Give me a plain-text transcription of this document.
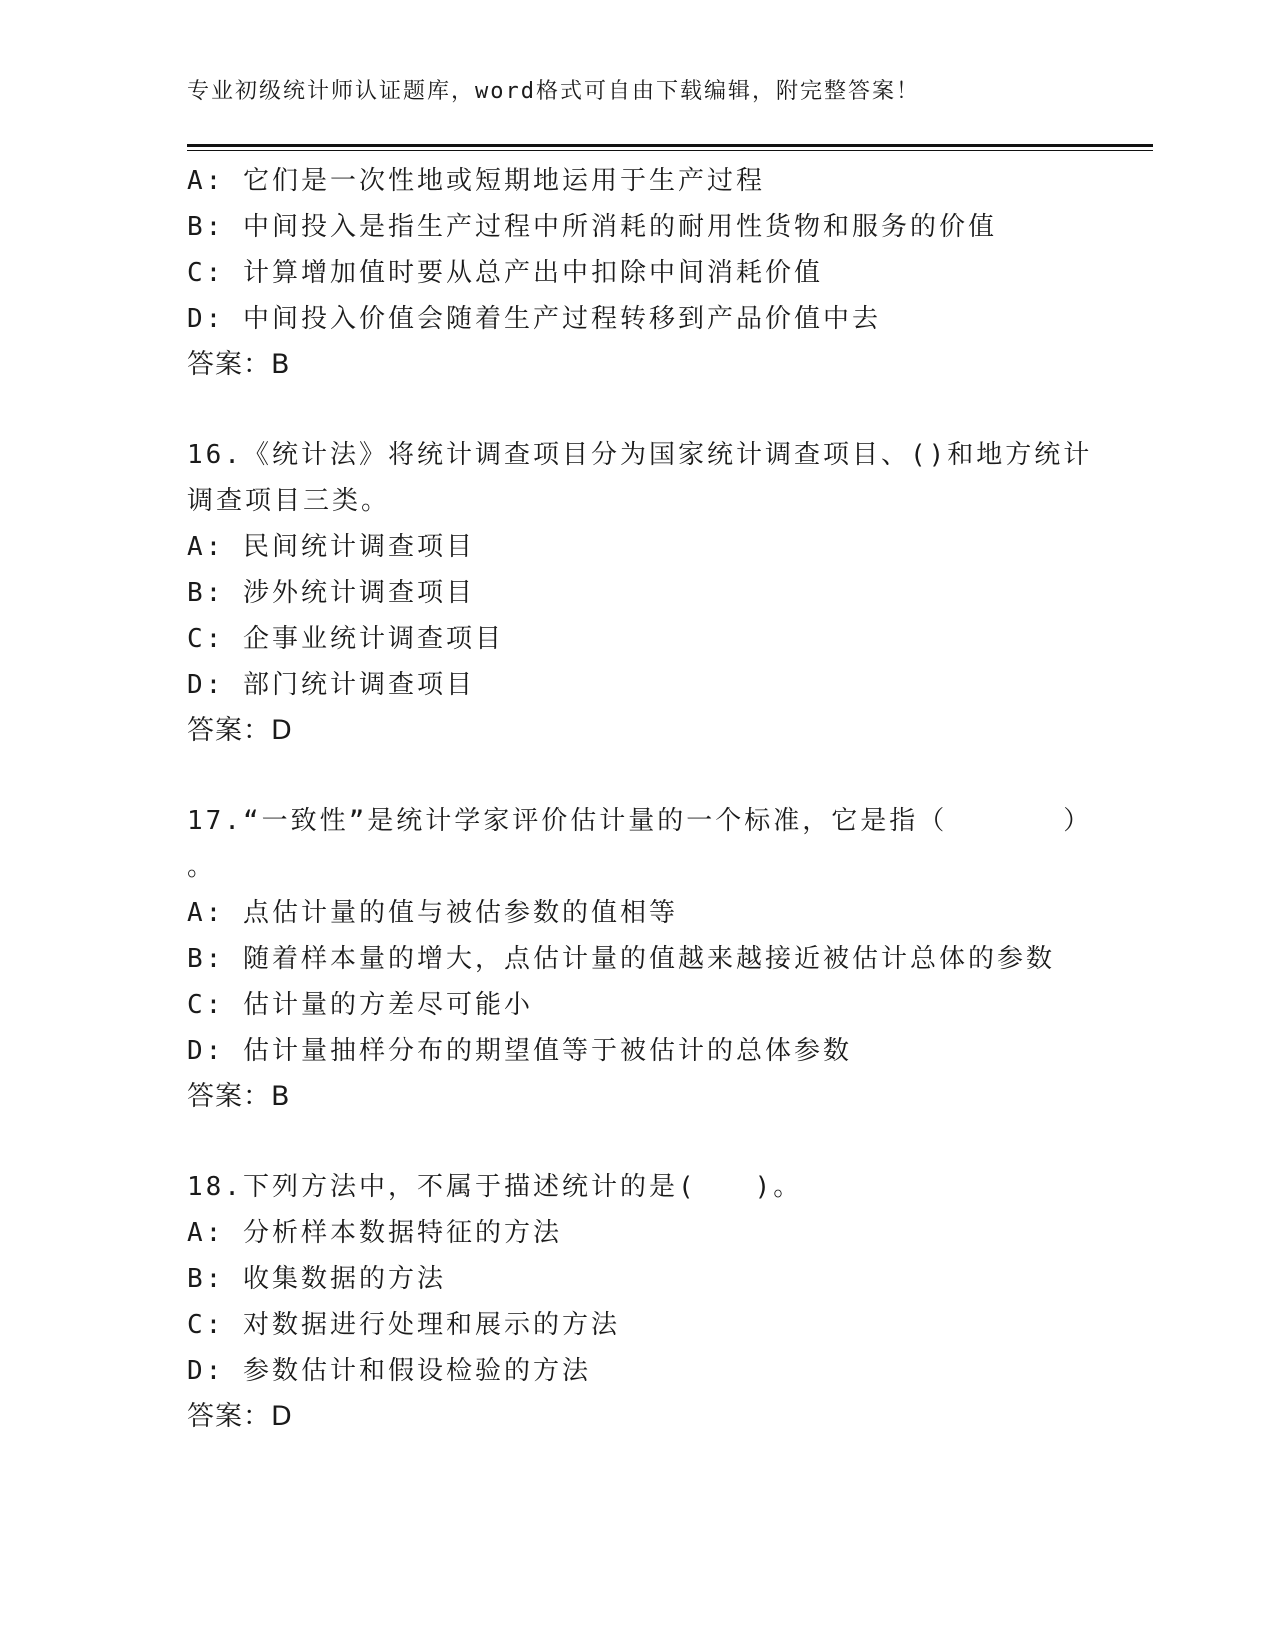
专业初级统计师认证题库，word格式可自由下载编辑，附完整答案！
A: 它们是一次性地或短期地运用于生产过程
B: 中间投入是指生产过程中所消耗的耐用性货物和服务的价值
C: 计算增加值时要从总产出中扣除中间消耗价值
D: 中间投入价值会随着生产过程转移到产品价值中去
答案：B
16.《统计法》将统计调查项目分为国家统计调查项目、()和地方统计
调查项目三类。
A: 民间统计调查项目
B: 涉外统计调查项目
C: 企事业统计调查项目
D: 部门统计调查项目
答案：D
17.“一致性”是统计学家评价估计量的一个标准，它是指（　　　　）
。
A: 点估计量的值与被估参数的值相等
B: 随着样本量的增大，点估计量的值越来越接近被估计总体的参数
C: 估计量的方差尽可能小
D: 估计量抽样分布的期望值等于被估计的总体参数
答案：B
18.下列方法中，不属于描述统计的是(　　)。
A: 分析样本数据特征的方法
B: 收集数据的方法
C: 对数据进行处理和展示的方法
D: 参数估计和假设检验的方法
答案：D
